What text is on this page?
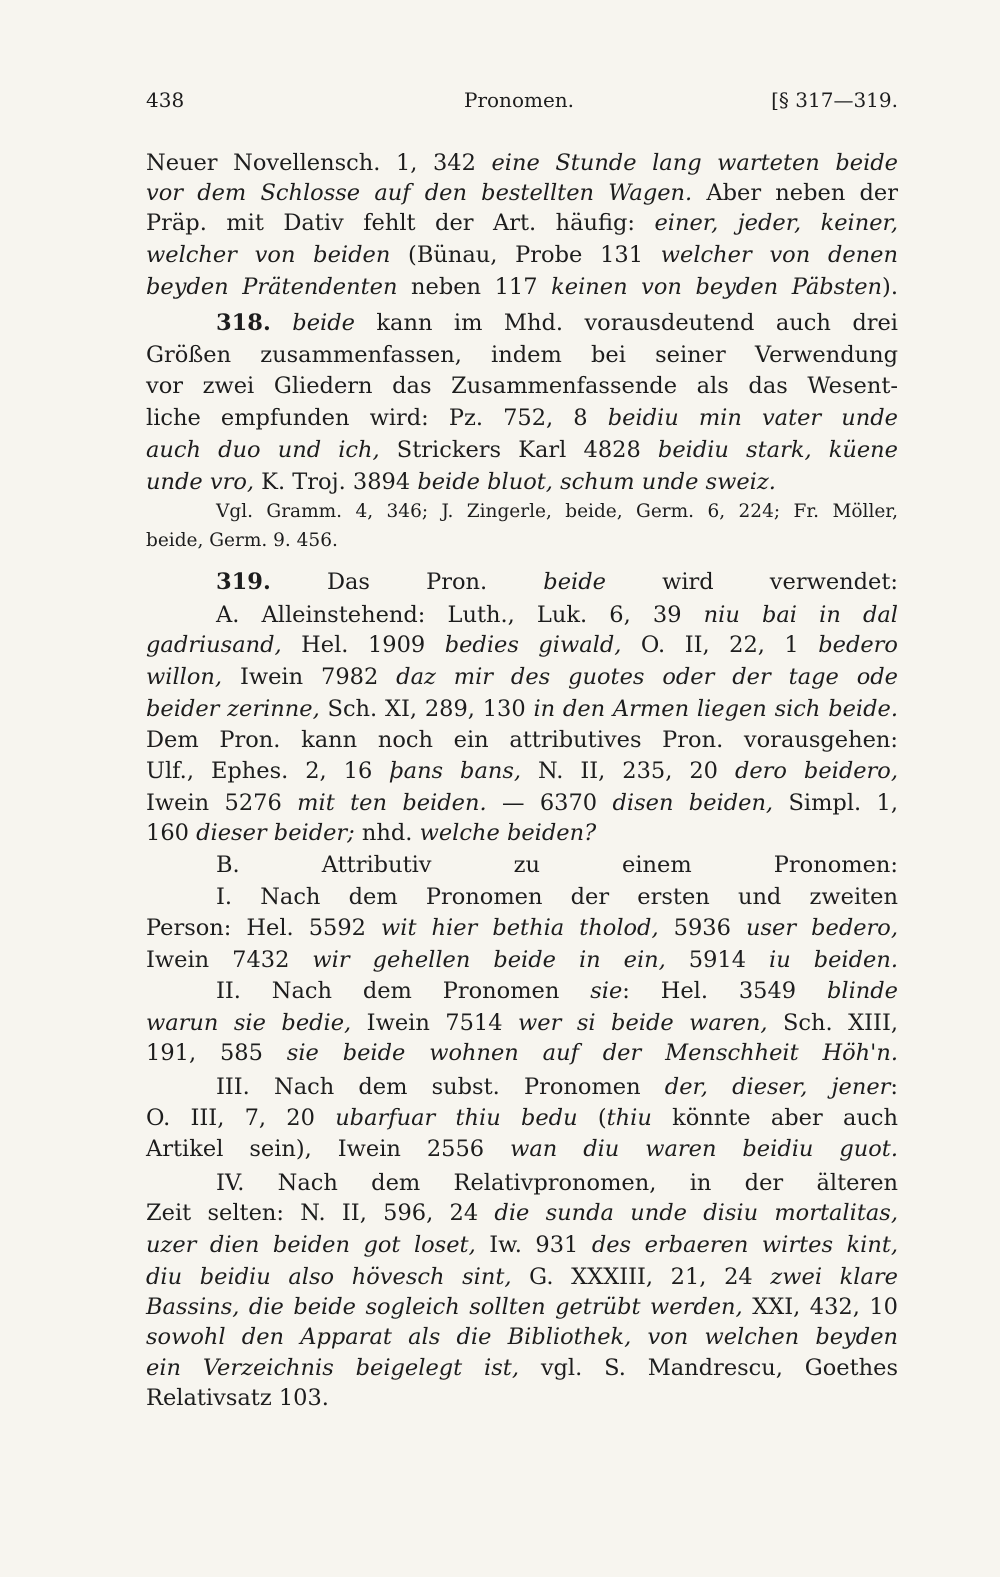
438	Pronomen.	[§ 317—319.
Neuer Novellensch. 1, 342 eine Stunde lang warteten beide
vor dem Schlosse auf den bestellten Wagen. Aber neben der
Präp. mit Dativ fehlt der Art. häufig: einer, jeder, keiner,
welcher von beiden (Bünau, Probe 131 welcher von denen
beyden Prätendenten neben 117 keinen von beyden Päbsten).
318. beide kann im Mhd. vorausdeutend auch drei
Größen zusammenfassen, indem bei seiner Verwendung
vor zwei Gliedern das Zusammenfassende als das Wesent-
liche empfunden wird: Pz. 752, 8 beidiu min vater unde
auch duo und ich, Strickers Karl 4828 beidiu stark, küene
unde vro, K. Troj. 3894 beide bluot, schum unde sweiz.
Vgl. Gramm. 4, 346; J. Zingerle, beide, Germ. 6, 224; Fr. Möller,
beide, Germ. 9. 456.
319. Das Pron. beide wird verwendet:
A. Alleinstehend: Luth., Luk. 6, 39 niu bai in dal
gadriusand, Hel. 1909 bedies giwald, O. II, 22, 1 bedero
willon, Iwein 7982 daz mir des guotes oder der tage ode
beider zerinne, Sch. XI, 289, 130 in den Armen liegen sich beide.
Dem Pron. kann noch ein attributives Pron. vorausgehen:
Ulf., Ephes. 2, 16 þans bans, N. II, 235, 20 dero beidero,
Iwein 5276 mit ten beiden. — 6370 disen beiden, Simpl. 1,
160 dieser beider; nhd. welche beiden?
B. Attributiv zu einem Pronomen:
I. Nach dem Pronomen der ersten und zweiten
Person: Hel. 5592 wit hier bethia tholod, 5936 user bedero,
Iwein 7432 wir gehellen beide in ein, 5914 iu beiden.
II. Nach dem Pronomen sie: Hel. 3549 blinde
warun sie bedie, Iwein 7514 wer si beide waren, Sch. XIII,
191, 585 sie beide wohnen auf der Menschheit Höh'n.
III. Nach dem subst. Pronomen der, dieser, jener:
O. III, 7, 20 ubarfuar thiu bedu (thiu könnte aber auch
Artikel sein), Iwein 2556 wan diu waren beidiu guot.
IV. Nach dem Relativpronomen, in der älteren
Zeit selten: N. II, 596, 24 die sunda unde disiu mortalitas,
uzer dien beiden got loset, Iw. 931 des erbaeren wirtes kint,
diu beidiu also hövesch sint, G. XXXIII, 21, 24 zwei klare
Bassins, die beide sogleich sollten getrübt werden, XXI, 432, 10
sowohl den Apparat als die Bibliothek, von welchen beyden
ein Verzeichnis beigelegt ist, vgl. S. Mandrescu, Goethes
Relativsatz 103.
